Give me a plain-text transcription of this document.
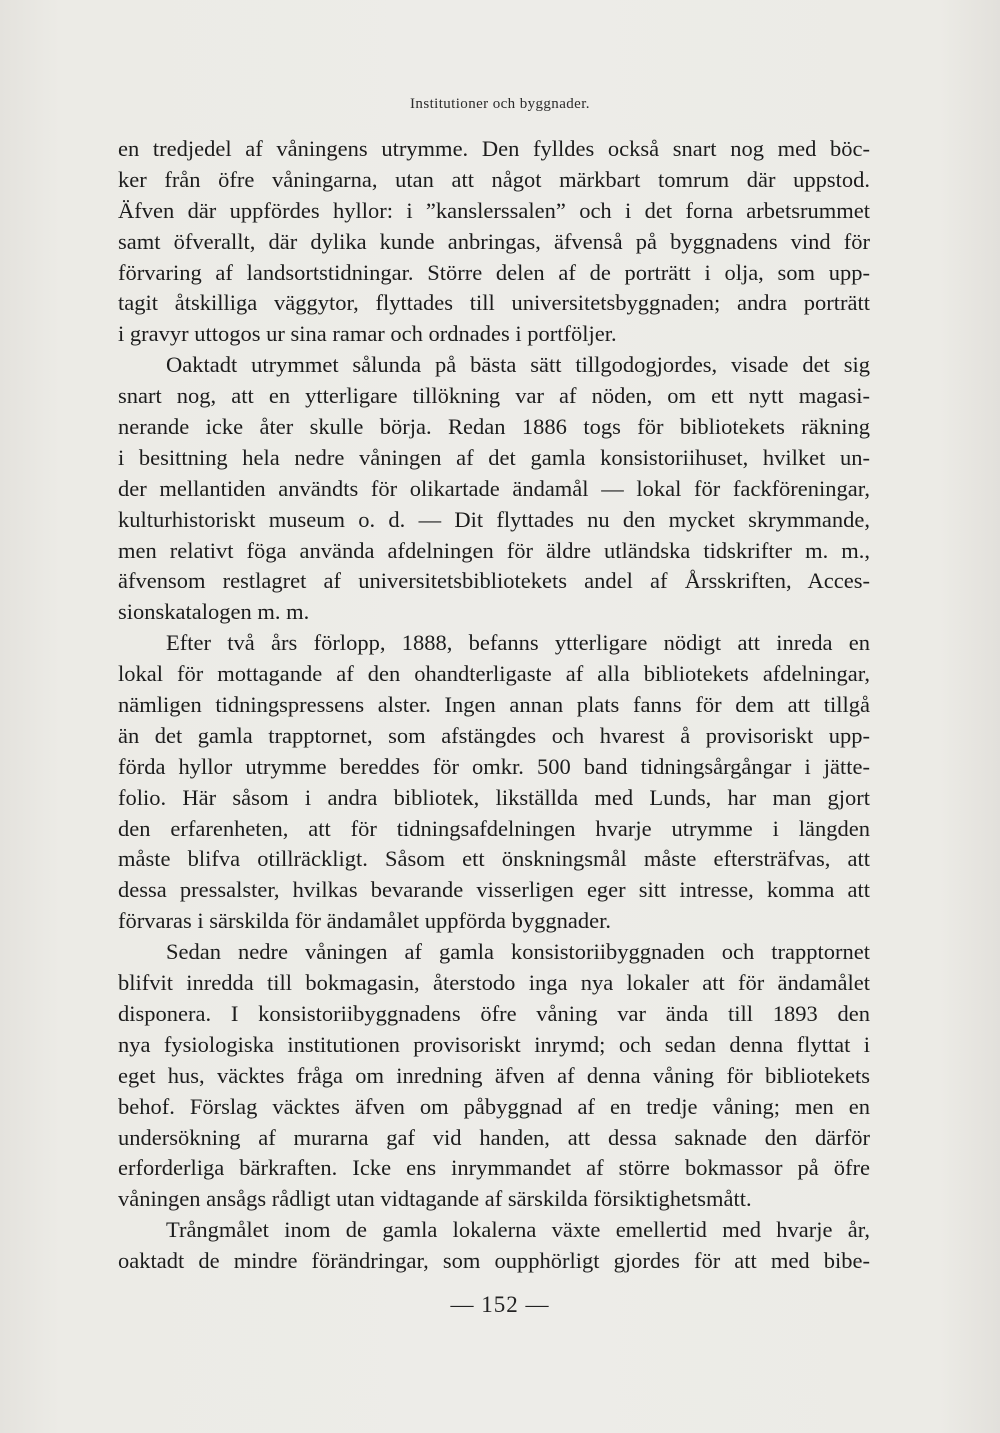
Institutioner och byggnader.
en tredjedel af våningens utrymme. Den fylldes också snart nog med böc-
ker från öfre våningarna, utan att något märkbart tomrum där uppstod.
Äfven där uppfördes hyllor: i ”kanslerssalen” och i det forna arbetsrummet
samt öfverallt, där dylika kunde anbringas, äfvenså på byggnadens vind för
förvaring af landsortstidningar. Större delen af de porträtt i olja, som upp-
tagit åtskilliga väggytor, flyttades till universitetsbyggnaden; andra porträtt
i gravyr uttogos ur sina ramar och ordnades i portföljer.
Oaktadt utrymmet sålunda på bästa sätt tillgodogjordes, visade det sig
snart nog, att en ytterligare tillökning var af nöden, om ett nytt magasi-
nerande icke åter skulle börja. Redan 1886 togs för bibliotekets räkning
i besittning hela nedre våningen af det gamla konsistoriihuset, hvilket un-
der mellantiden användts för olikartade ändamål — lokal för fackföreningar,
kulturhistoriskt museum o. d. — Dit flyttades nu den mycket skrymmande,
men relativt föga använda afdelningen för äldre utländska tidskrifter m. m.,
äfvensom restlagret af universitetsbibliotekets andel af Årsskriften, Acces-
sionskatalogen m. m.
Efter två års förlopp, 1888, befanns ytterligare nödigt att inreda en
lokal för mottagande af den ohandterligaste af alla bibliotekets afdelningar,
nämligen tidningspressens alster. Ingen annan plats fanns för dem att tillgå
än det gamla trapptornet, som afstängdes och hvarest å provisoriskt upp-
förda hyllor utrymme bereddes för omkr. 500 band tidningsårgångar i jätte-
folio. Här såsom i andra bibliotek, likställda med Lunds, har man gjort
den erfarenheten, att för tidningsafdelningen hvarje utrymme i längden
måste blifva otillräckligt. Såsom ett önskningsmål måste eftersträfvas, att
dessa pressalster, hvilkas bevarande visserligen eger sitt intresse, komma att
förvaras i särskilda för ändamålet uppförda byggnader.
Sedan nedre våningen af gamla konsistoriibyggnaden och trapptornet
blifvit inredda till bokmagasin, återstodo inga nya lokaler att för ändamålet
disponera. I konsistoriibyggnadens öfre våning var ända till 1893 den
nya fysiologiska institutionen provisoriskt inrymd; och sedan denna flyttat i
eget hus, väcktes fråga om inredning äfven af denna våning för bibliotekets
behof. Förslag väcktes äfven om påbyggnad af en tredje våning; men en
undersökning af murarna gaf vid handen, att dessa saknade den därför
erforderliga bärkraften. Icke ens inrymmandet af större bokmassor på öfre
våningen ansågs rådligt utan vidtagande af särskilda försiktighetsmått.
Trångmålet inom de gamla lokalerna växte emellertid med hvarje år,
oaktadt de mindre förändringar, som oupphörligt gjordes för att med bibe-
— 152 —
